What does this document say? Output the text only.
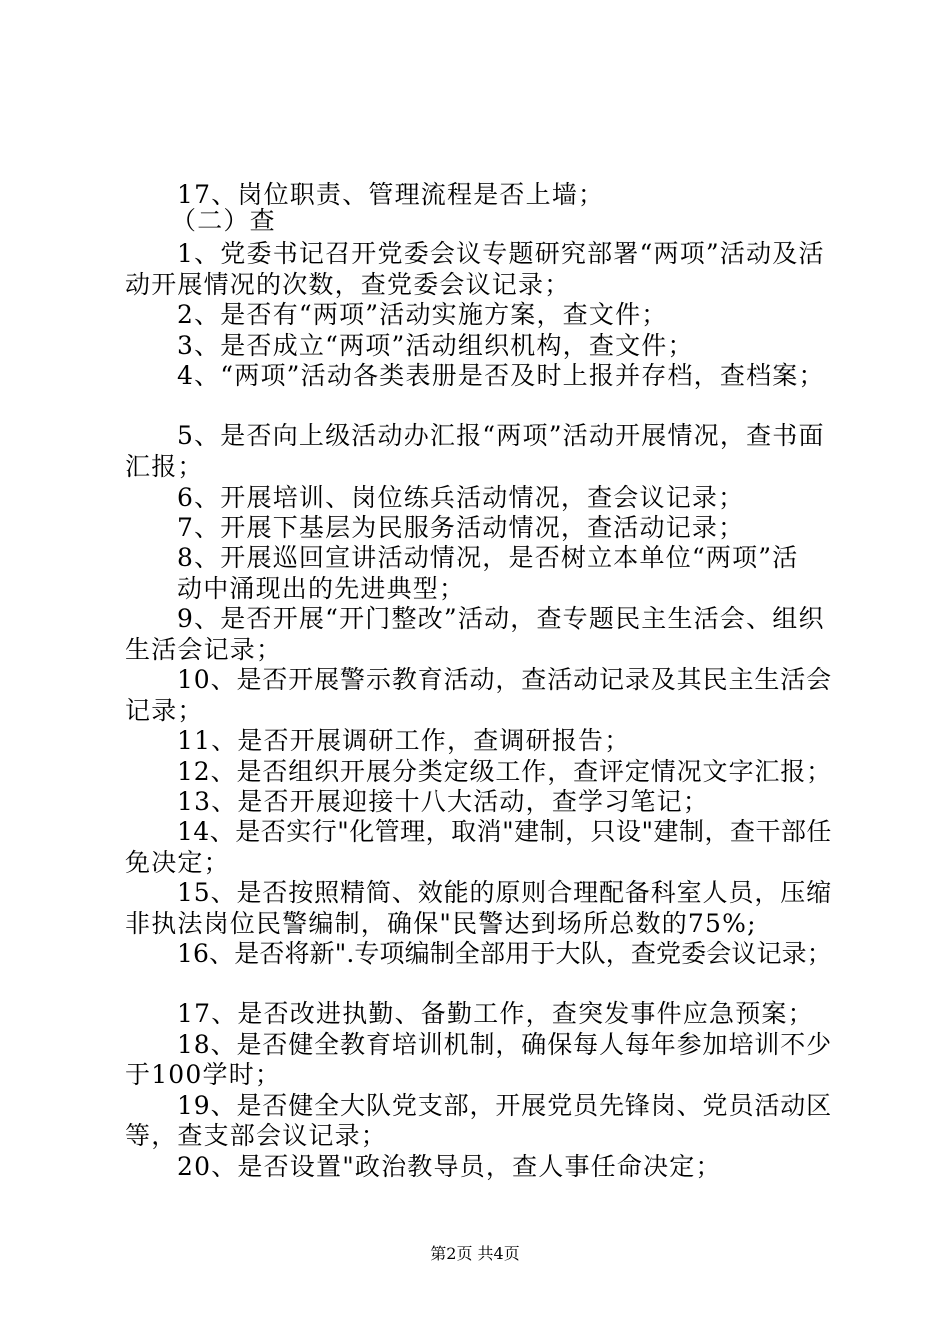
17、岗位职责、管理流程是否上墙；
（二）查
1、党委书记召开党委会议专题研究部署“两项”活动及活
动开展情况的次数，查党委会议记录；
2、是否有“两项”活动实施方案，查文件；
3、是否成立“两项”活动组织机构，查文件；
4、“两项”活动各类表册是否及时上报并存档，查档案；
5、是否向上级活动办汇报“两项”活动开展情况，查书面
汇报；
6、开展培训、岗位练兵活动情况，查会议记录；
7、开展下基层为民服务活动情况，查活动记录；
8、开展巡回宣讲活动情况，是否树立本单位“两项”活
动中涌现出的先进典型；
9、是否开展“开门整改”活动，查专题民主生活会、组织
生活会记录；
10、是否开展警示教育活动，查活动记录及其民主生活会
记录；
11、是否开展调研工作，查调研报告；
12、是否组织开展分类定级工作，查评定情况文字汇报；
13、是否开展迎接十八大活动，查学习笔记；
14、是否实行"化管理，取消"建制，只设"建制，查干部任
免决定；
15、是否按照精简、效能的原则合理配备科室人员，压缩
非执法岗位民警编制，确保"民警达到场所总数的75%;
16、是否将新".专项编制全部用于大队，查党委会议记录；
17、是否改进执勤、备勤工作，查突发事件应急预案；
18、是否健全教育培训机制，确保每人每年参加培训不少
于100学时；
19、是否健全大队党支部，开展党员先锋岗、党员活动区
等，查支部会议记录；
20、是否设置"政治教导员，查人事任命决定；
第2页 共4页
